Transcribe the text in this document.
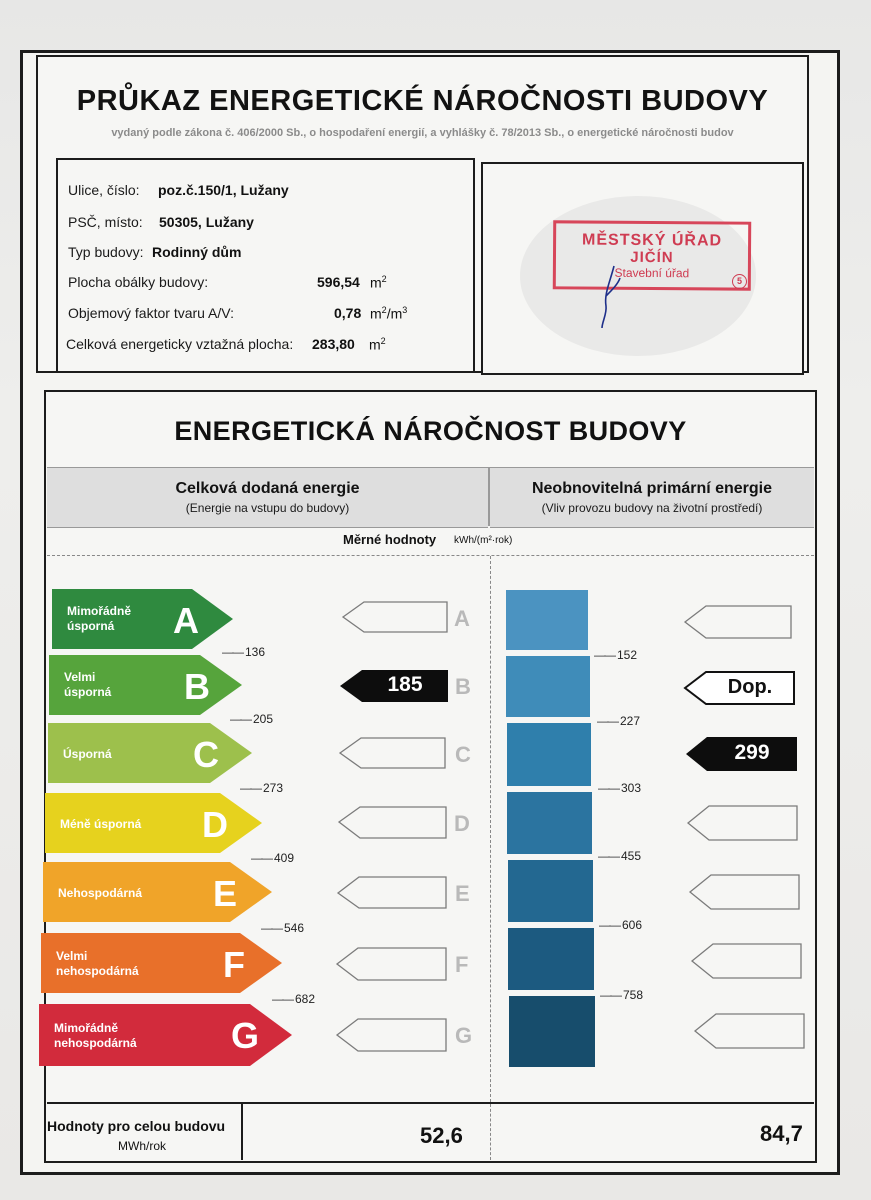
PRŮKAZ ENERGETICKÉ NÁROČNOSTI BUDOVY
vydaný podle zákona č. 406/2000 Sb., o hospodaření energií, a vyhlášky č. 78/2013 Sb., o energetické náročnosti budov
Ulice, číslo: poz.č.150/1, Lužany
PSČ, místo: 50305, Lužany
Typ budovy: Rodinný dům
Plocha obálky budovy:	596,54 $m^2$
Objemový faktor tvaru A/V:	0,78 $m^2/m^3$
Celková energeticky vztažná plocha: 283,80 $m^2$
MĚSTSKÝ ÚŘAD
JIČÍN
Stavební úřad
5
ENERGETICKÁ NÁROČNOST BUDOVY
Celková dodaná energie
(Energie na vstupu do budovy)
Neobnovitelná primární energie
(Vliv provozu budovy na životní prostředí)
Měrné hodnoty kWh/(m²·rok)
Mimořádně
úsporná	A
Velmi
úsporná B
Úsporná C
Méně úsporná D
Nehospodárná E
Velmi
nehospodárná F
Mimořádně
nehospodárná	G
—— 136
—— 205
—— 273
—— 409
—— 546
—— 682
A
B
C
D
E
F
G
185
—— 152
—— 227
—— 303
—— 455
—— 606
—— 758
Dop.
299
Hodnoty pro celou budovu
MWh/rok	52,6	84,7
